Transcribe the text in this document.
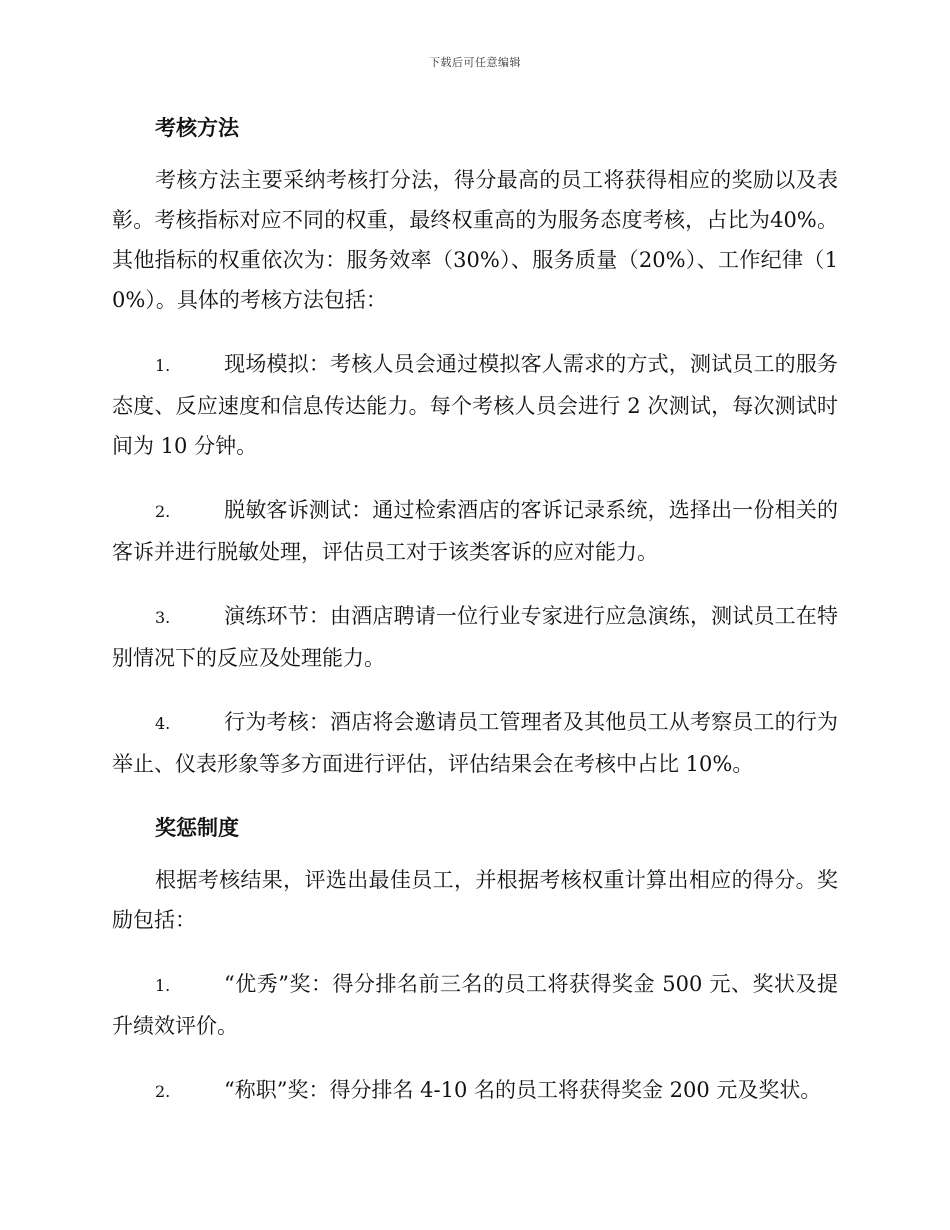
下载后可任意编辑
考核方法

考核方法主要采纳考核打分法，得分最高的员工将获得相应的奖励以及表彰。考核指标对应不同的权重，最终权重高的为服务态度考核，占比为40%。其他指标的权重依次为：服务效率（30%）、服务质量（20%）、工作纪律（10%）。具体的考核方法包括：

1.	现场模拟：考核人员会通过模拟客人需求的方式，测试员工的服务态度、反应速度和信息传达能力。每个考核人员会进行 2 次测试，每次测试时间为 10 分钟。
2.	脱敏客诉测试：通过检索酒店的客诉记录系统，选择出一份相关的客诉并进行脱敏处理，评估员工对于该类客诉的应对能力。
3.	演练环节：由酒店聘请一位行业专家进行应急演练，测试员工在特别情况下的反应及处理能力。
4.	行为考核：酒店将会邀请员工管理者及其他员工从考察员工的行为举止、仪表形象等多方面进行评估，评估结果会在考核中占比 10%。
奖惩制度

根据考核结果，评选出最佳员工，并根据考核权重计算出相应的得分。奖励包括：

1.	“优秀”奖：得分排名前三名的员工将获得奖金 500 元、奖状及提升绩效评价。
2.	“称职”奖：得分排名 4-10 名的员工将获得奖金 200 元及奖状。
